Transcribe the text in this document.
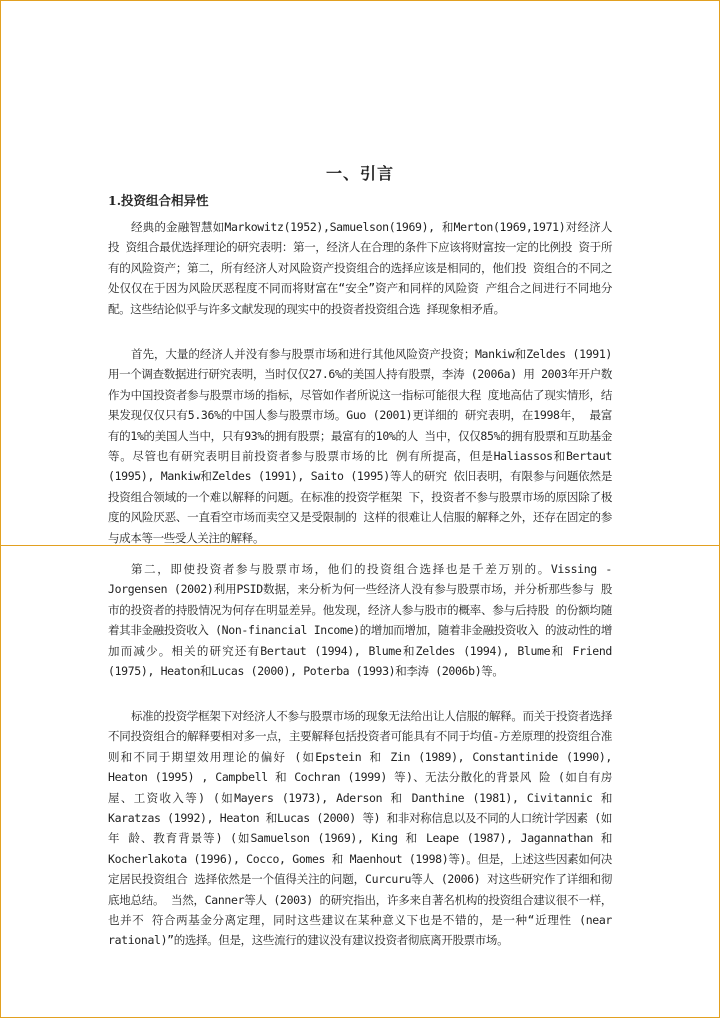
一、引言
1.投资组合相异性

经典的金融智慧如Markowitz(1952),Samuelson(1969), 和Merton(1969,1971)对经济人投 资组合最优选择理论的研究表明：第一，经济人在合理的条件下应该将财富按一定的比例投 资于所有的风险资产；第二，所有经济人对风险资产投资组合的选择应该是相同的，他们投 资组合的不同之处仅仅在于因为风险厌恶程度不同而将财富在“安全”资产和同样的风险资 产组合之间进行不同地分配。这些结论似乎与许多文献发现的现实中的投资者投资组合选 择现象相矛盾。

首先，大量的经济人并没有参与股票市场和进行其他风险资产投资；Mankiw和Zeldes (1991)用一个调查数据进行研究表明，当时仅仅27.6%的美国人持有股票，李涛 (2006a) 用 2003年开户数作为中国投资者参与股票市场的指标，尽管如作者所说这一指标可能很大程 度地高估了现实情形，结果发现仅仅只有5.36%的中国人参与股票市场。Guo (2001)更详细的 研究表明，在1998年， 最富有的1%的美国人当中，只有93%的拥有股票；最富有的10%的人 当中，仅仅85%的拥有股票和互助基金等。尽管也有研究表明目前投资者参与股票市场的比 例有所提高，但是Haliassos和Bertaut (1995), Mankiw和Zeldes (1991), Saito (1995)等人的研究 依旧表明，有限参与问题依然是投资组合领域的一个难以解释的问题。在标准的投资学框架 下，投资者不参与股票市场的原因除了极度的风险厌恶、一直看空市场而卖空又是受限制的 这样的很难让人信服的解释之外，还存在固定的参与成本等一些受人关注的解释。

第二，即使投资者参与股票市场，他们的投资组合选择也是千差万别的。Vissing - Jorgensen (2002)利用PSID数据，来分析为何一些经济人没有参与股票市场，并分析那些参与 股市的投资者的持股情况为何存在明显差异。他发现，经济人参与股市的概率、参与后持股 的份额均随着其非金融投资收入 (Non-financial Income)的增加而增加，随着非金融投资收入 的波动性的增加而减少。相关的研究还有Bertaut (1994), Blume和Zeldes (1994), Blume和 Friend (1975), Heaton和Lucas (2000), Poterba (1993)和李涛 (2006b)等。

标准的投资学框架下对经济人不参与股票市场的现象无法给出让人信服的解释。而关于投资者选择不同投资组合的解释要相对多一点，主要解释包括投资者可能具有不同于均值-方差原理的投资组合准则和不同于期望效用理论的偏好 (如Epstein 和 Zin (1989), Constantinide (1990), Heaton (1995) , Campbell 和 Cochran (1999) 等)、无法分散化的背景风 险 (如自有房屋、工资收入等) (如Mayers (1973), Aderson 和 Danthine (1981), Civitannic 和 Karatzas (1992), Heaton 和Lucas (2000) 等) 和非对称信息以及不同的人口统计学因素 (如年 龄、教育背景等) (如Samuelson (1969), King 和 Leape (1987), Jagannathan 和 Kocherlakota (1996), Cocco, Gomes 和 Maenhout (1998)等)。但是，上述这些因素如何决定居民投资组合 选择依然是一个值得关注的问题，Curcuru等人 (2006) 对这些研究作了详细和彻底地总结。 当然，Canner等人 (2003) 的研究指出，许多来自著名机构的投资组合建议很不一样，也并不 符合两基金分离定理，同时这些建议在某种意义下也是不错的，是一种“近理性 (near rational)”的选择。但是，这些流行的建议没有建议投资者彻底离开股票市场。
